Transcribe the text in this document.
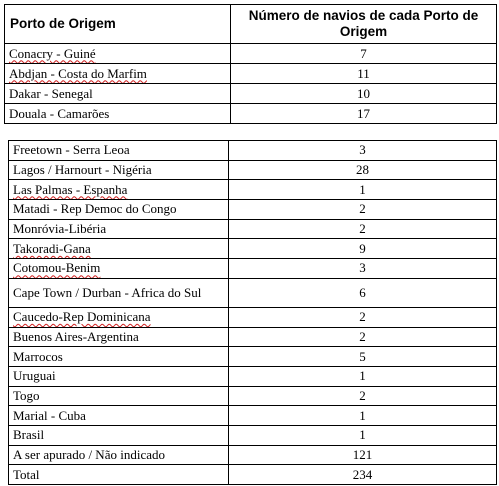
Porto de Origem	Número de navios de cada Porto de Origem
Conacry - Guiné	7
Abdjan - Costa do Marfim	11
Dakar - Senegal	10
Douala - Camarões	17
Freetown - Serra Leoa	3
Lagos / Harnourt - Nigéria	28
Las Palmas - Espanha	1
Matadi - Rep Democ do Congo	2
Monróvia-Libéria	2
Takoradi-Gana	9
Cotomou-Benim	3
Cape Town / Durban - Africa do Sul	6
Caucedo-Rep Dominicana	2
Buenos Aires-Argentina	2
Marrocos	5
Uruguai	1
Togo	2
Marial - Cuba	1
Brasil	1
A ser apurado / Não indicado	121
Total	234
